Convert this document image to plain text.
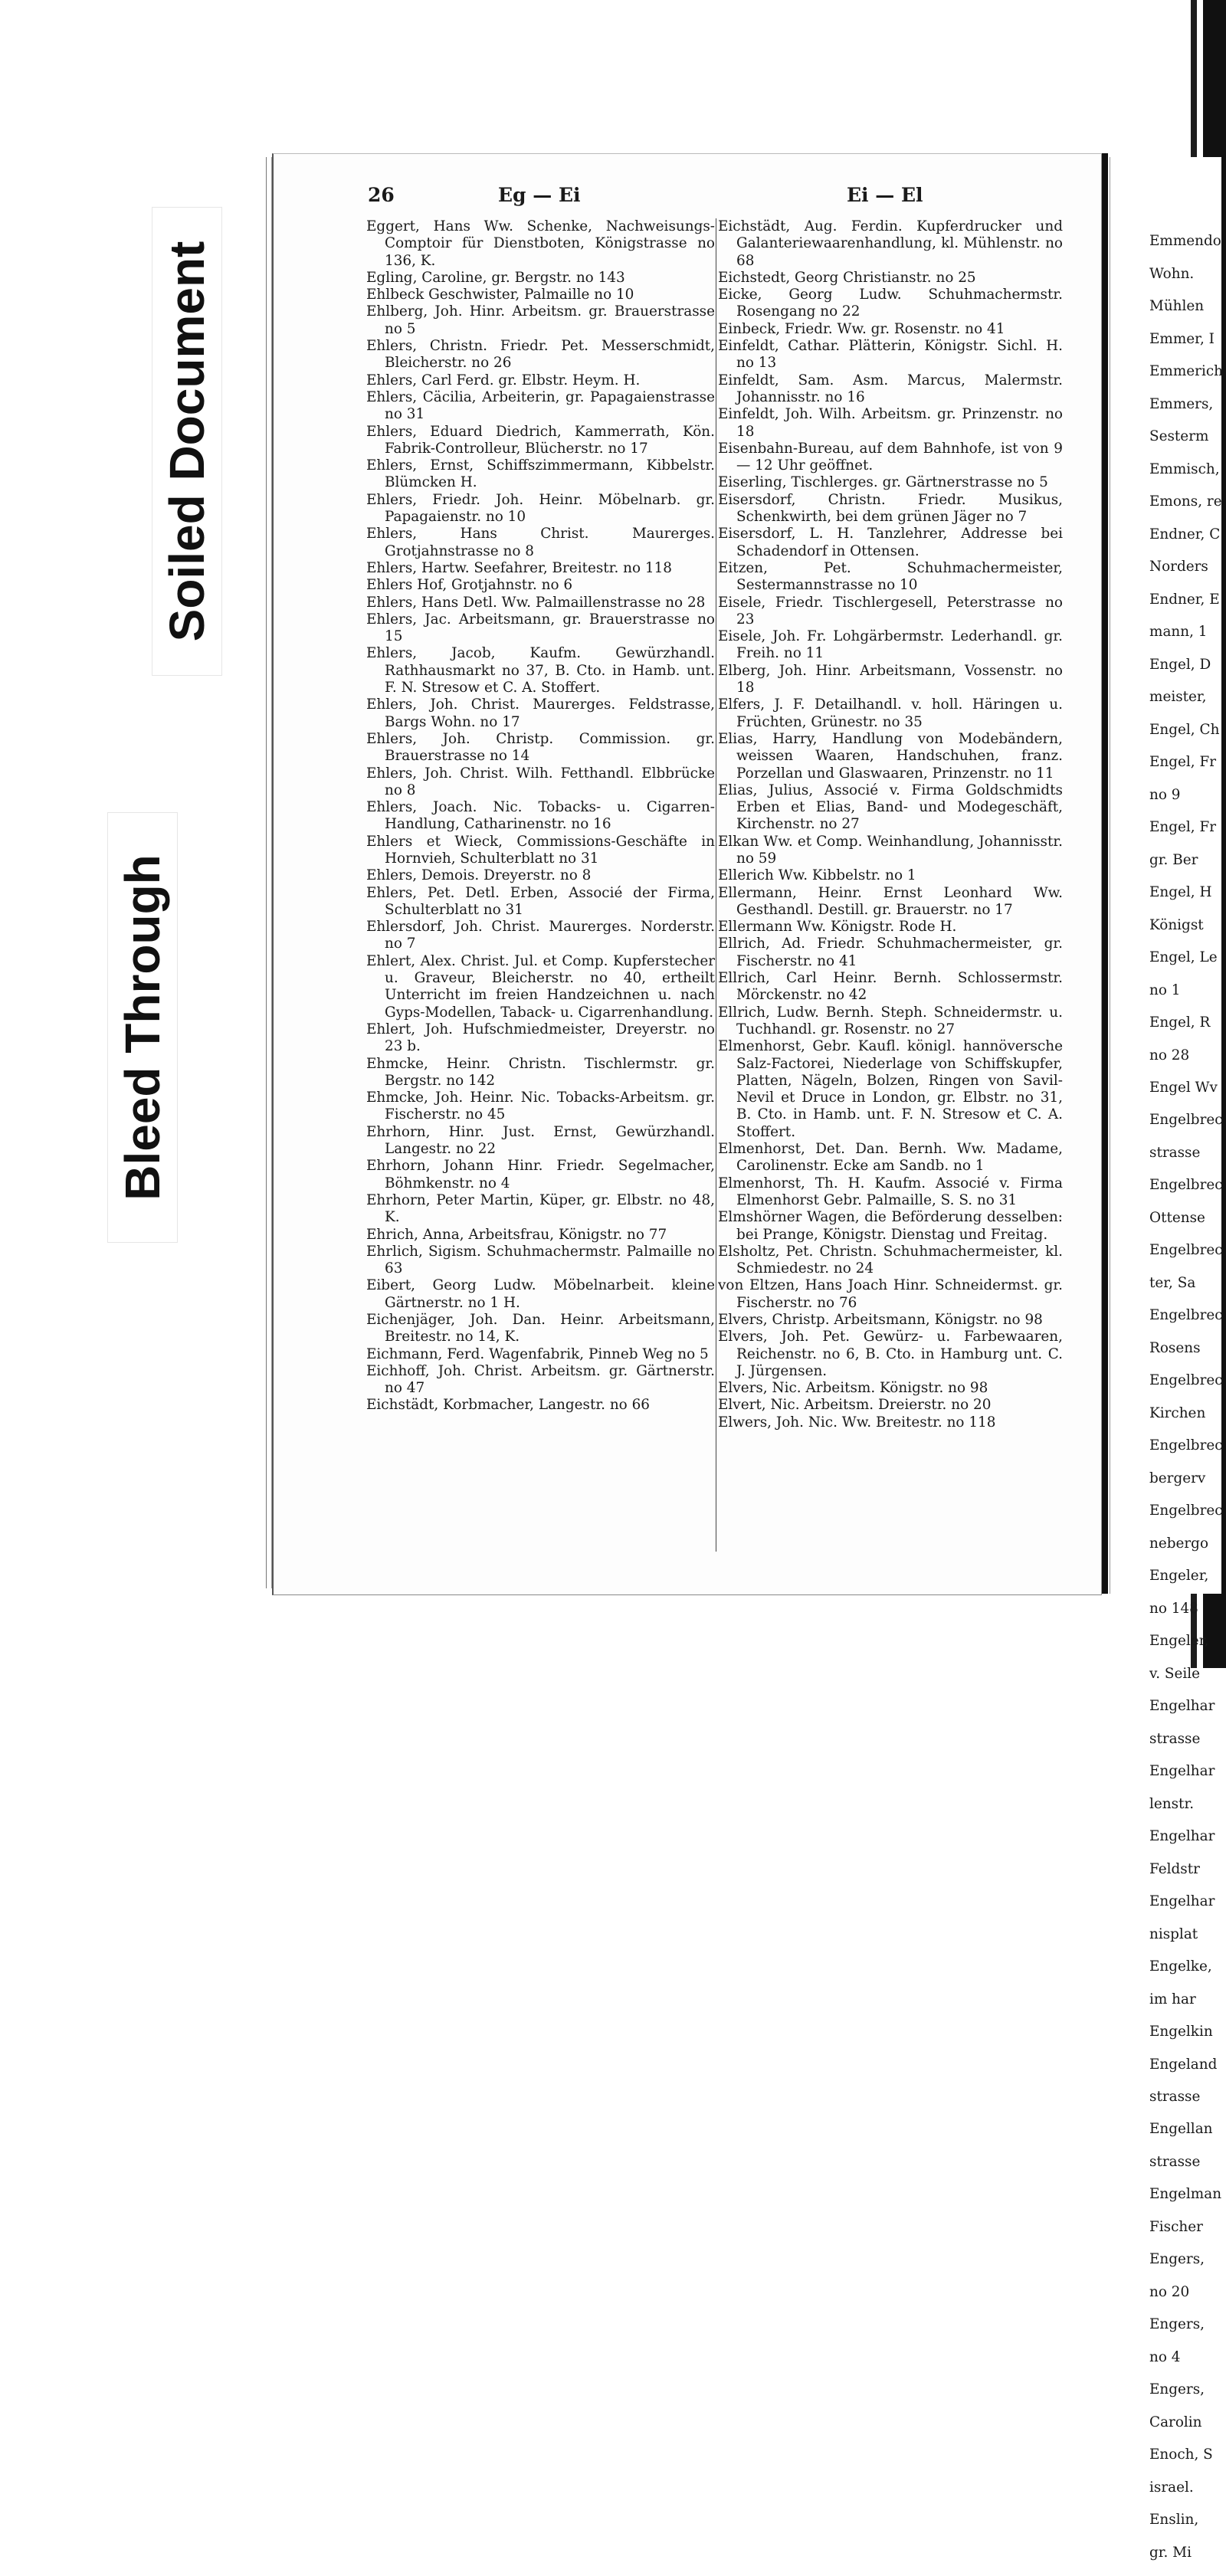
Soiled Document
Bleed Through
26	Eg — Ei	Ei — El

Eggert, Hans Ww. Schenke, Nachweisungs-Comptoir für Dienstboten, Königstrasse no 136, K.

Egling, Caroline, gr. Bergstr. no 143

Ehlbeck Geschwister, Palmaille no 10

Ehlberg, Joh. Hinr. Arbeitsm. gr. Brauerstrasse no 5

Ehlers, Christn. Friedr. Pet. Messerschmidt, Bleicherstr. no 26

Ehlers, Carl Ferd. gr. Elbstr. Heym. H.

Ehlers, Cäcilia, Arbeiterin, gr. Papagaienstrasse no 31

Ehlers, Eduard Diedrich, Kammerrath, Kön. Fabrik-Controlleur, Blücherstr. no 17

Ehlers, Ernst, Schiffszimmermann, Kibbelstr. Blümcken H.

Ehlers, Friedr. Joh. Heinr. Möbelnarb. gr. Papagaienstr. no 10

Ehlers, Hans Christ. Maurerges. Grotjahnstrasse no 8

Ehlers, Hartw. Seefahrer, Breitestr. no 118

Ehlers Hof, Grotjahnstr. no 6

Ehlers, Hans Detl. Ww. Palmaillenstrasse no 28

Ehlers, Jac. Arbeitsmann, gr. Brauerstrasse no 15

Ehlers, Jacob, Kaufm. Gewürzhandl. Rathhausmarkt no 37, B. Cto. in Hamb. unt. F. N. Stresow et C. A. Stoffert.

Ehlers, Joh. Christ. Maurerges. Feldstrasse, Bargs Wohn. no 17

Ehlers, Joh. Christp. Commission. gr. Brauerstrasse no 14

Ehlers, Joh. Christ. Wilh. Fetthandl. Elbbrücke no 8

Ehlers, Joach. Nic. Tobacks- u. Cigarren-Handlung, Catharinenstr. no 16

Ehlers et Wieck, Commissions-Geschäfte in Hornvieh, Schulterblatt no 31

Ehlers, Demois. Dreyerstr. no 8

Ehlers, Pet. Detl. Erben, Associé der Firma, Schulterblatt no 31

Ehlersdorf, Joh. Christ. Maurerges. Norderstr. no 7

Ehlert, Alex. Christ. Jul. et Comp. Kupferstecher u. Graveur, Bleicherstr. no 40, ertheilt Unterricht im freien Handzeichnen u. nach Gyps-Modellen, Taback- u. Cigarrenhandlung.

Ehlert, Joh. Hufschmiedmeister, Dreyerstr. no 23 b.

Ehmcke, Heinr. Christn. Tischlermstr. gr. Bergstr. no 142

Ehmcke, Joh. Heinr. Nic. Tobacks-Arbeitsm. gr. Fischerstr. no 45

Ehrhorn, Hinr. Just. Ernst, Gewürzhandl. Langestr. no 22

Ehrhorn, Johann Hinr. Friedr. Segelmacher, Böhmkenstr. no 4

Ehrhorn, Peter Martin, Küper, gr. Elbstr. no 48, K.

Ehrich, Anna, Arbeitsfrau, Königstr. no 77

Ehrlich, Sigism. Schuhmachermstr. Palmaille no 63

Eibert, Georg Ludw. Möbelnarbeit. kleine Gärtnerstr. no 1 H.

Eichenjäger, Joh. Dan. Heinr. Arbeitsmann, Breitestr. no 14, K.

Eichmann, Ferd. Wagenfabrik, Pinneb Weg no 5

Eichhoff, Joh. Christ. Arbeitsm. gr. Gärtnerstr. no 47

Eichstädt, Korbmacher, Langestr. no 66

Eichstädt, Aug. Ferdin. Kupferdrucker und Galanteriewaarenhandlung, kl. Mühlenstr. no 68

Eichstedt, Georg Christianstr. no 25

Eicke, Georg Ludw. Schuhmachermstr. Rosengang no 22

Einbeck, Friedr. Ww. gr. Rosenstr. no 41

Einfeldt, Cathar. Plätterin, Königstr. Sichl. H. no 13

Einfeldt, Sam. Asm. Marcus, Malermstr. Johannisstr. no 16

Einfeldt, Joh. Wilh. Arbeitsm. gr. Prinzenstr. no 18

Eisenbahn-Bureau, auf dem Bahnhofe, ist von 9 — 12 Uhr geöffnet.

Eiserling, Tischlerges. gr. Gärtnerstrasse no 5

Eisersdorf, Christn. Friedr. Musikus, Schenkwirth, bei dem grünen Jäger no 7

Eisersdorf, L. H. Tanzlehrer, Addresse bei Schadendorf in Ottensen.

Eitzen, Pet. Schuhmachermeister, Sestermannstrasse no 10

Eisele, Friedr. Tischlergesell, Peterstrasse no 23

Eisele, Joh. Fr. Lohgärbermstr. Lederhandl. gr. Freih. no 11

Elberg, Joh. Hinr. Arbeitsmann, Vossenstr. no 18

Elfers, J. F. Detailhandl. v. holl. Häringen u. Früchten, Grünestr. no 35

Elias, Harry, Handlung von Modebändern, weissen Waaren, Handschuhen, franz. Porzellan und Glaswaaren, Prinzenstr. no 11

Elias, Julius, Associé v. Firma Goldschmidts Erben et Elias, Band- und Modegeschäft, Kirchenstr. no 27

Elkan Ww. et Comp. Weinhandlung, Johannisstr. no 59

Ellerich Ww. Kibbelstr. no 1

Ellermann, Heinr. Ernst Leonhard Ww. Gesthandl. Destill. gr. Brauerstr. no 17

Ellermann Ww. Königstr. Rode H.

Ellrich, Ad. Friedr. Schuhmachermeister, gr. Fischerstr. no 41

Ellrich, Carl Heinr. Bernh. Schlossermstr. Mörckenstr. no 42

Ellrich, Ludw. Bernh. Steph. Schneidermstr. u. Tuchhandl. gr. Rosenstr. no 27

Elmenhorst, Gebr. Kaufl. königl. hannöversche Salz-Factorei, Niederlage von Schiffskupfer, Platten, Nägeln, Bolzen, Ringen von Savil-Nevil et Druce in London, gr. Elbstr. no 31, B. Cto. in Hamb. unt. F. N. Stresow et C. A. Stoffert.

Elmenhorst, Det. Dan. Bernh. Ww. Madame, Carolinenstr. Ecke am Sandb. no 1

Elmenhorst, Th. H. Kaufm. Associé v. Firma Elmenhorst Gebr. Palmaille, S. S. no 31

Elmshörner Wagen, die Beförderung desselben: bei Prange, Königstr. Dienstag und Freitag.

Elsholtz, Pet. Christn. Schuhmachermeister, kl. Schmiedestr. no 24

von Eltzen, Hans Joach Hinr. Schneidermst. gr. Fischerstr. no 76

Elvers, Christp. Arbeitsmann, Königstr. no 98

Elvers, Joh. Pet. Gewürz- u. Farbewaaren, Reichenstr. no 6, B. Cto. in Hamburg unt. C. J. Jürgensen.

Elvers, Nic. Arbeitsm. Königstr. no 98

Elvert, Nic. Arbeitsm. Dreierstr. no 20

Elwers, Joh. Nic. Ww. Breitestr. no 118

Emmendo

Wohn.

Mühlen

Emmer, I

Emmerich

Emmers,

Sesterm

Emmisch,

Emons, re

Endner, C

Norders

Endner, E

mann, 1

Engel, D

meister,

Engel, Ch

Engel, Fr

no 9

Engel, Fr

gr. Ber

Engel, H

Königst

Engel, Le

no 1

Engel, R

no 28

Engel Wv

Engelbrec

strasse

Engelbrec

Ottense

Engelbrec

ter, Sa

Engelbrec

Rosens

Engelbrec

Kirchen

Engelbrec

bergerv

Engelbrec

nebergo

Engeler,

no 148

Engeler,

v. Seile

Engelhar

strasse

Engelhar

lenstr.

Engelhar

Feldstr

Engelhar

nisplat

Engelke,

im har

Engelkin

Engeland

strasse

Engellan

strasse

Engelman

Fischer

Engers,

no 20

Engers,

no 4

Engers,

Carolin

Enoch, S

israel.

Enslin,

gr. Mi
